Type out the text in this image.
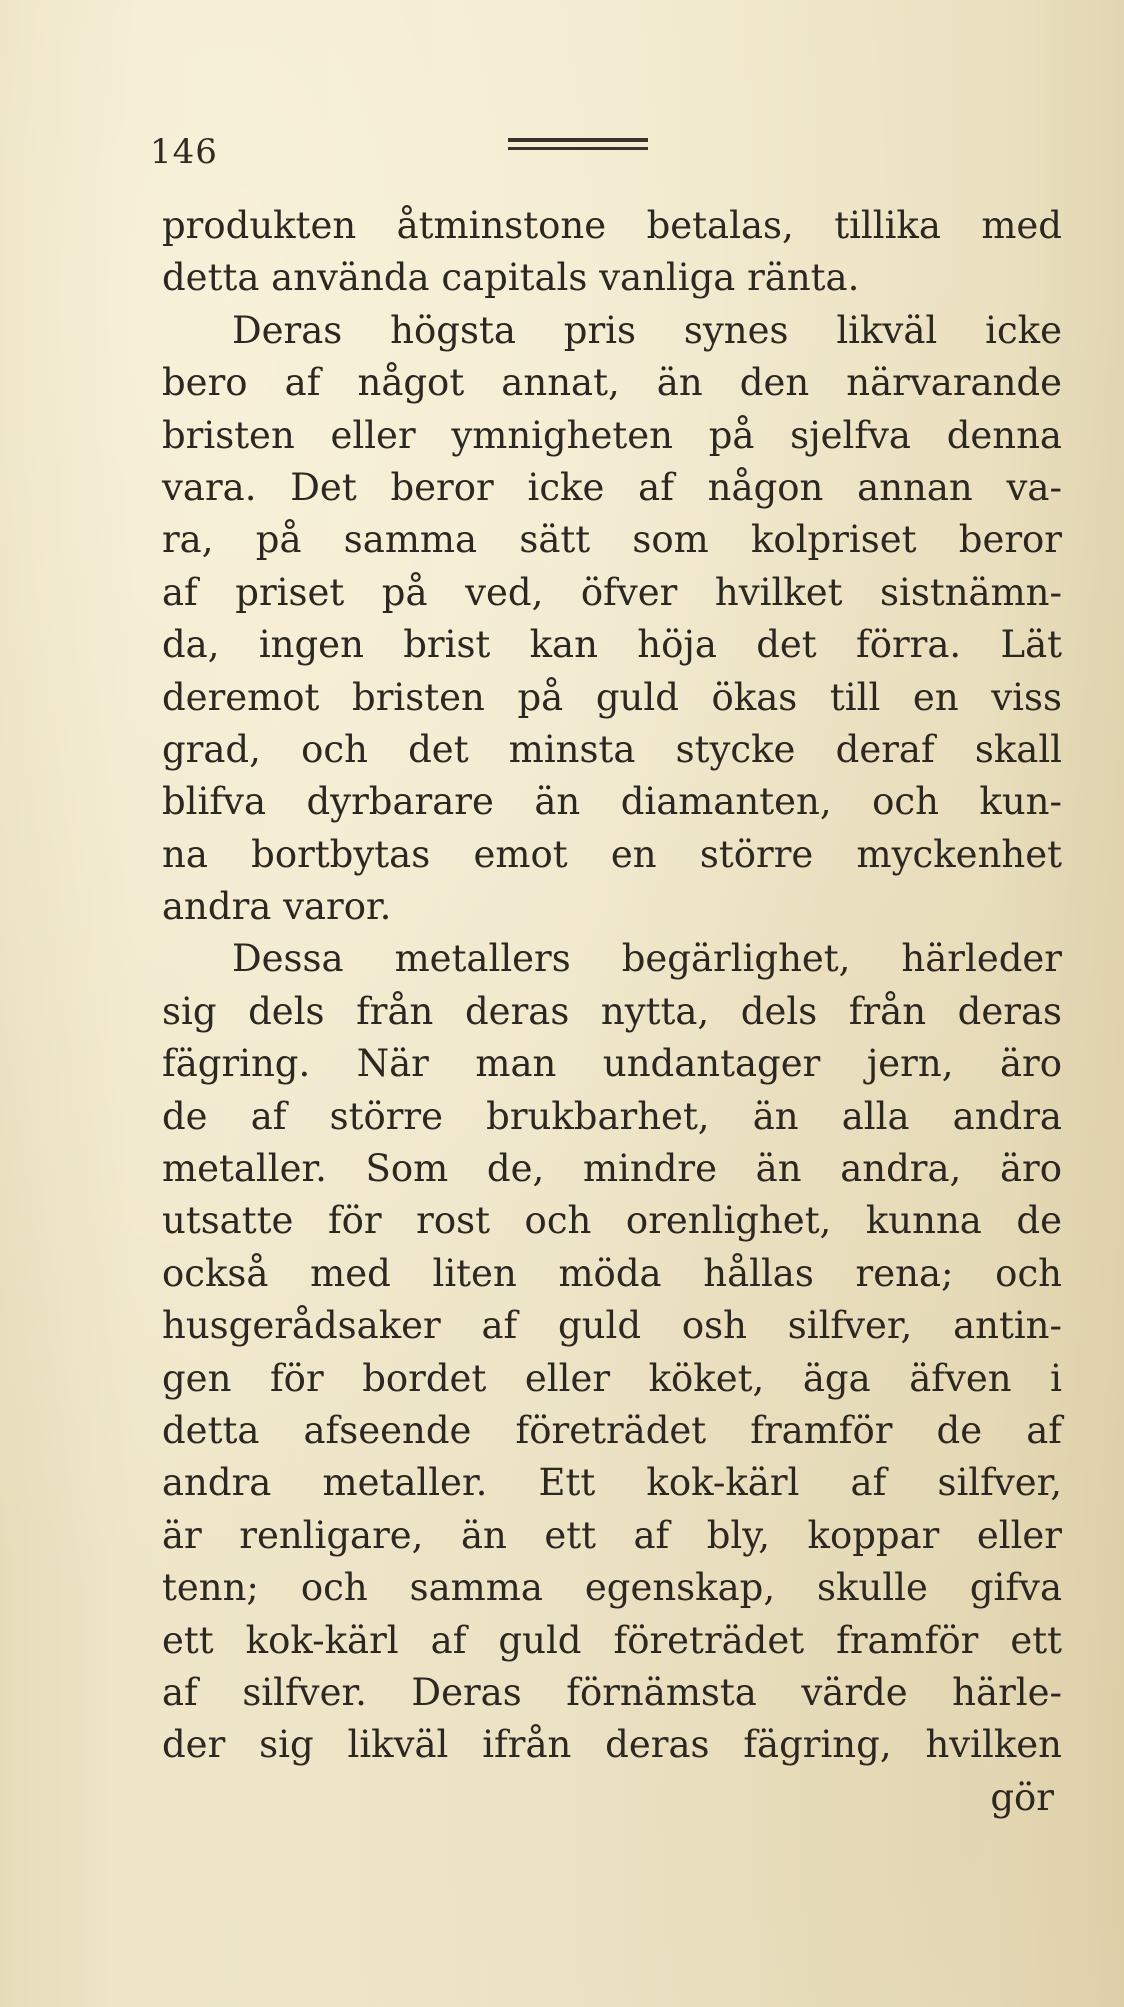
146
produkten åtminstone betalas, tillika med
detta använda capitals vanliga ränta.
Deras högsta pris synes likväl icke
bero af något annat, än den närvarande
bristen eller ymnigheten på sjelfva denna
vara. Det beror icke af någon annan va-
ra, på samma sätt som kolpriset beror
af priset på ved, öfver hvilket sistnämn-
da, ingen brist kan höja det förra. Lät
deremot bristen på guld ökas till en viss
grad, och det minsta stycke deraf skall
blifva dyrbarare än diamanten, och kun-
na bortbytas emot en större myckenhet
andra varor.
Dessa metallers begärlighet, härleder
sig dels från deras nytta, dels från deras
fägring. När man undantager jern, äro
de af större brukbarhet, än alla andra
metaller. Som de, mindre än andra, äro
utsatte för rost och orenlighet, kunna de
också med liten möda hållas rena; och
husgerådsaker af guld osh silfver, antin-
gen för bordet eller köket, äga äfven i
detta afseende företrädet framför de af
andra metaller. Ett kok-kärl af silfver,
är renligare, än ett af bly, koppar eller
tenn; och samma egenskap, skulle gifva
ett kok-kärl af guld företrädet framför ett
af silfver. Deras förnämsta värde härle-
der sig likväl ifrån deras fägring, hvilken
gör
